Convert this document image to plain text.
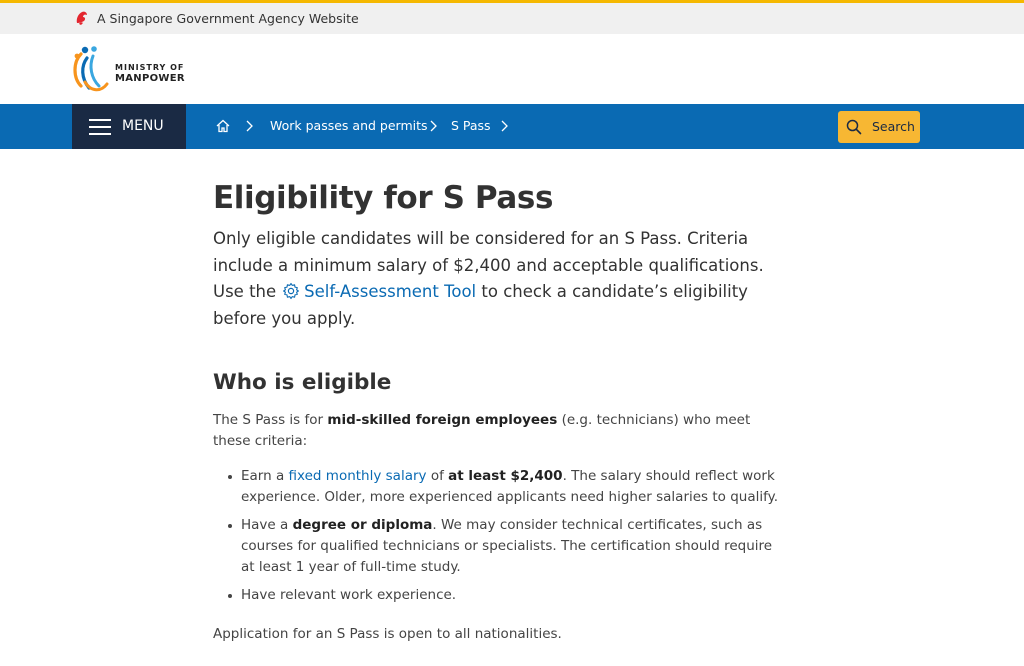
A Singapore Government Agency Website
MINISTRY OF
MANPOWER
MENU	Work passes and permits S Pass	Search
Eligibility for S Pass

Only eligible candidates will be considered for an S Pass. Criteria include a minimum salary of $2,400 and acceptable qualifications. Use the Self-Assessment Tool to check a candidate’s eligibility before you apply.

Who is eligible

The S Pass is for mid-skilled foreign employees (e.g. technicians) who meet these criteria:

Earn a fixed monthly salary of at least $2,400. The salary should reflect work experience. Older, more experienced applicants need higher salaries to qualify.
Have a degree or diploma. We may consider technical certificates, such as courses for qualified technicians or specialists. The certification should require at least 1 year of full-time study.
Have relevant work experience.

Application for an S Pass is open to all nationalities.
